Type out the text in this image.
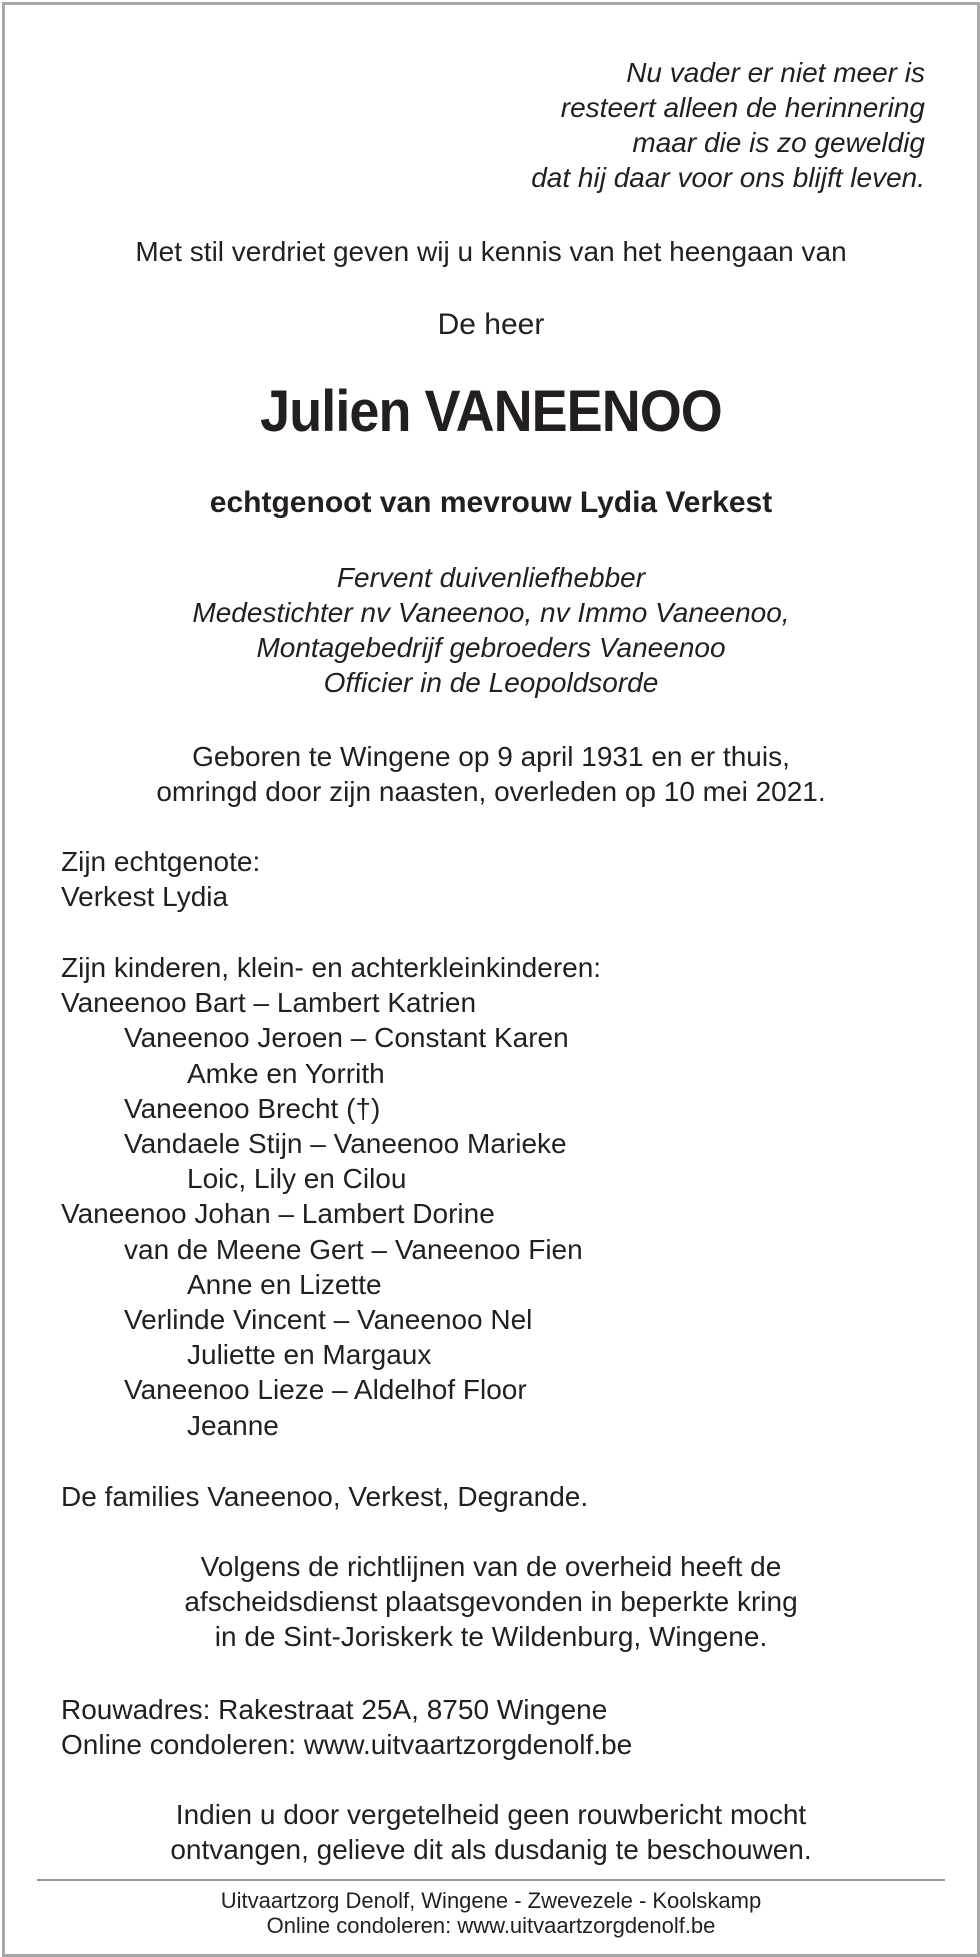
Nu vader er niet meer is
resteert alleen de herinnering
maar die is zo geweldig
dat hij daar voor ons blijft leven.
Met stil verdriet geven wij u kennis van het heengaan van
De heer
Julien VANEENOO
echtgenoot van mevrouw Lydia Verkest
Fervent duivenliefhebber
Medestichter nv Vaneenoo, nv Immo Vaneenoo,
Montagebedrijf gebroeders Vaneenoo
Officier in de Leopoldsorde
Geboren te Wingene op 9 april 1931 en er thuis,
omringd door zijn naasten, overleden op 10 mei 2021.
Zijn echtgenote:
Verkest Lydia
Zijn kinderen, klein- en achterkleinkinderen:
Vaneenoo Bart – Lambert Katrien
Vaneenoo Jeroen – Constant Karen
Amke en Yorrith
Vaneenoo Brecht (†)
Vandaele Stijn – Vaneenoo Marieke
Loic, Lily en Cilou
Vaneenoo Johan – Lambert Dorine
van de Meene Gert – Vaneenoo Fien
Anne en Lizette
Verlinde Vincent – Vaneenoo Nel
Juliette en Margaux
Vaneenoo Lieze – Aldelhof Floor
Jeanne
De families Vaneenoo, Verkest, Degrande.
Volgens de richtlijnen van de overheid heeft de
afscheidsdienst plaatsgevonden in beperkte kring
in de Sint-Joriskerk te Wildenburg, Wingene.
Rouwadres: Rakestraat 25A, 8750 Wingene
Online condoleren: www.uitvaartzorgdenolf.be
Indien u door vergetelheid geen rouwbericht mocht
ontvangen, gelieve dit als dusdanig te beschouwen.
Uitvaartzorg Denolf, Wingene - Zwevezele - Koolskamp
Online condoleren: www.uitvaartzorgdenolf.be
